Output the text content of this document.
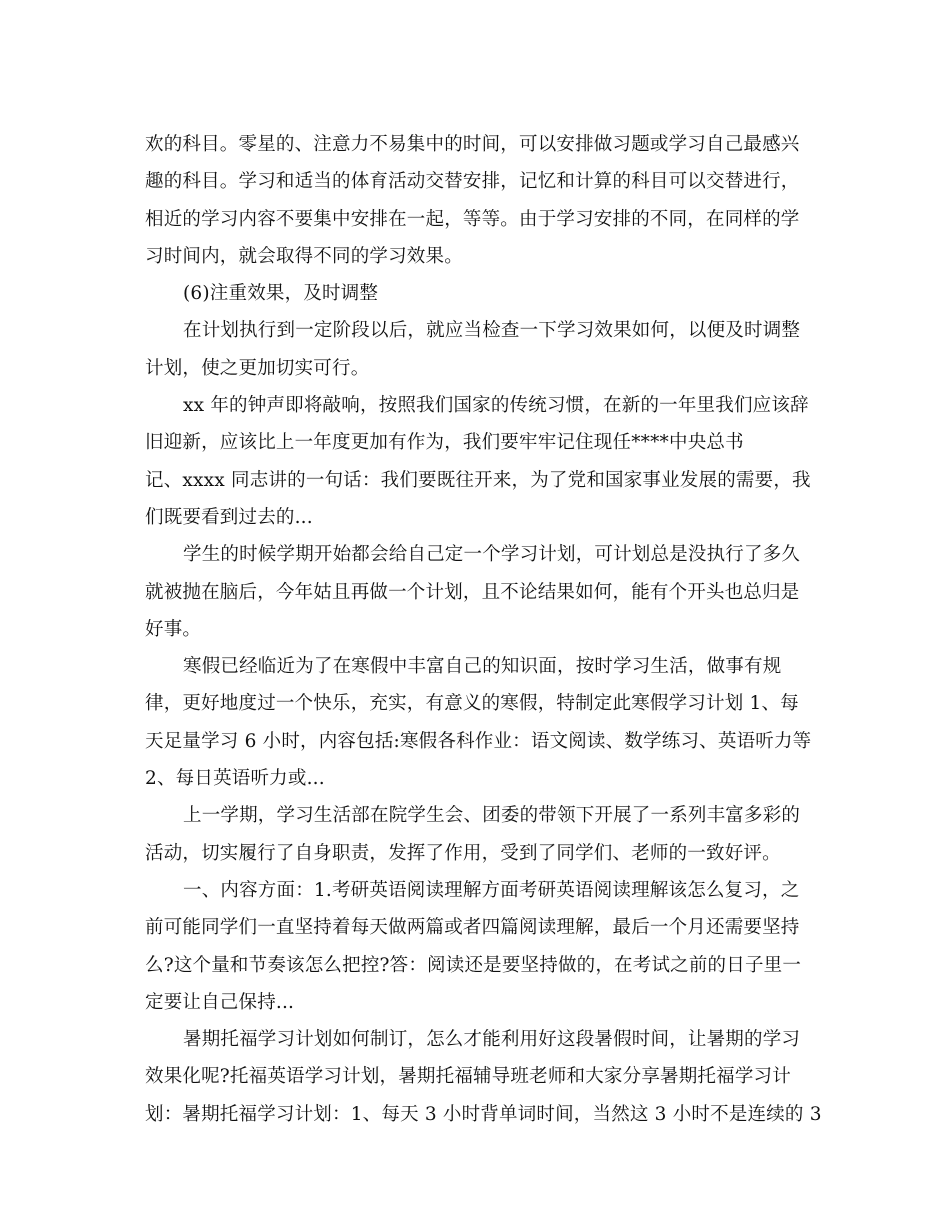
欢的科目。零星的、注意力不易集中的时间，可以安排做习题或学习自己最感兴
趣的科目。学习和适当的体育活动交替安排，记忆和计算的科目可以交替进行，
相近的学习内容不要集中安排在一起，等等。由于学习安排的不同，在同样的学
习时间内，就会取得不同的学习效果。
(6)注重效果，及时调整
在计划执行到一定阶段以后，就应当检查一下学习效果如何，以便及时调整
计划，使之更加切实可行。
xx 年的钟声即将敲响，按照我们国家的传统习惯，在新的一年里我们应该辞
旧迎新，应该比上一年度更加有作为，我们要牢牢记住现任****中央总书
记、xxxx 同志讲的一句话：我们要既往开来，为了党和国家事业发展的需要，我
们既要看到过去的...
学生的时候学期开始都会给自己定一个学习计划，可计划总是没执行了多久
就被抛在脑后，今年姑且再做一个计划，且不论结果如何，能有个开头也总归是
好事。
寒假已经临近为了在寒假中丰富自己的知识面，按时学习生活，做事有规
律，更好地度过一个快乐，充实，有意义的寒假，特制定此寒假学习计划 1、每
天足量学习 6 小时，内容包括:寒假各科作业：语文阅读、数学练习、英语听力等
2、每日英语听力或...
上一学期，学习生活部在院学生会、团委的带领下开展了一系列丰富多彩的
活动，切实履行了自身职责，发挥了作用，受到了同学们、老师的一致好评。
一、内容方面：1.考研英语阅读理解方面考研英语阅读理解该怎么复习，之
前可能同学们一直坚持着每天做两篇或者四篇阅读理解，最后一个月还需要坚持
么?这个量和节奏该怎么把控?答：阅读还是要坚持做的，在考试之前的日子里一
定要让自己保持...
暑期托福学习计划如何制订，怎么才能利用好这段暑假时间，让暑期的学习
效果化呢?托福英语学习计划，暑期托福辅导班老师和大家分享暑期托福学习计
划：暑期托福学习计划：1、每天 3 小时背单词时间，当然这 3 小时不是连续的 3
